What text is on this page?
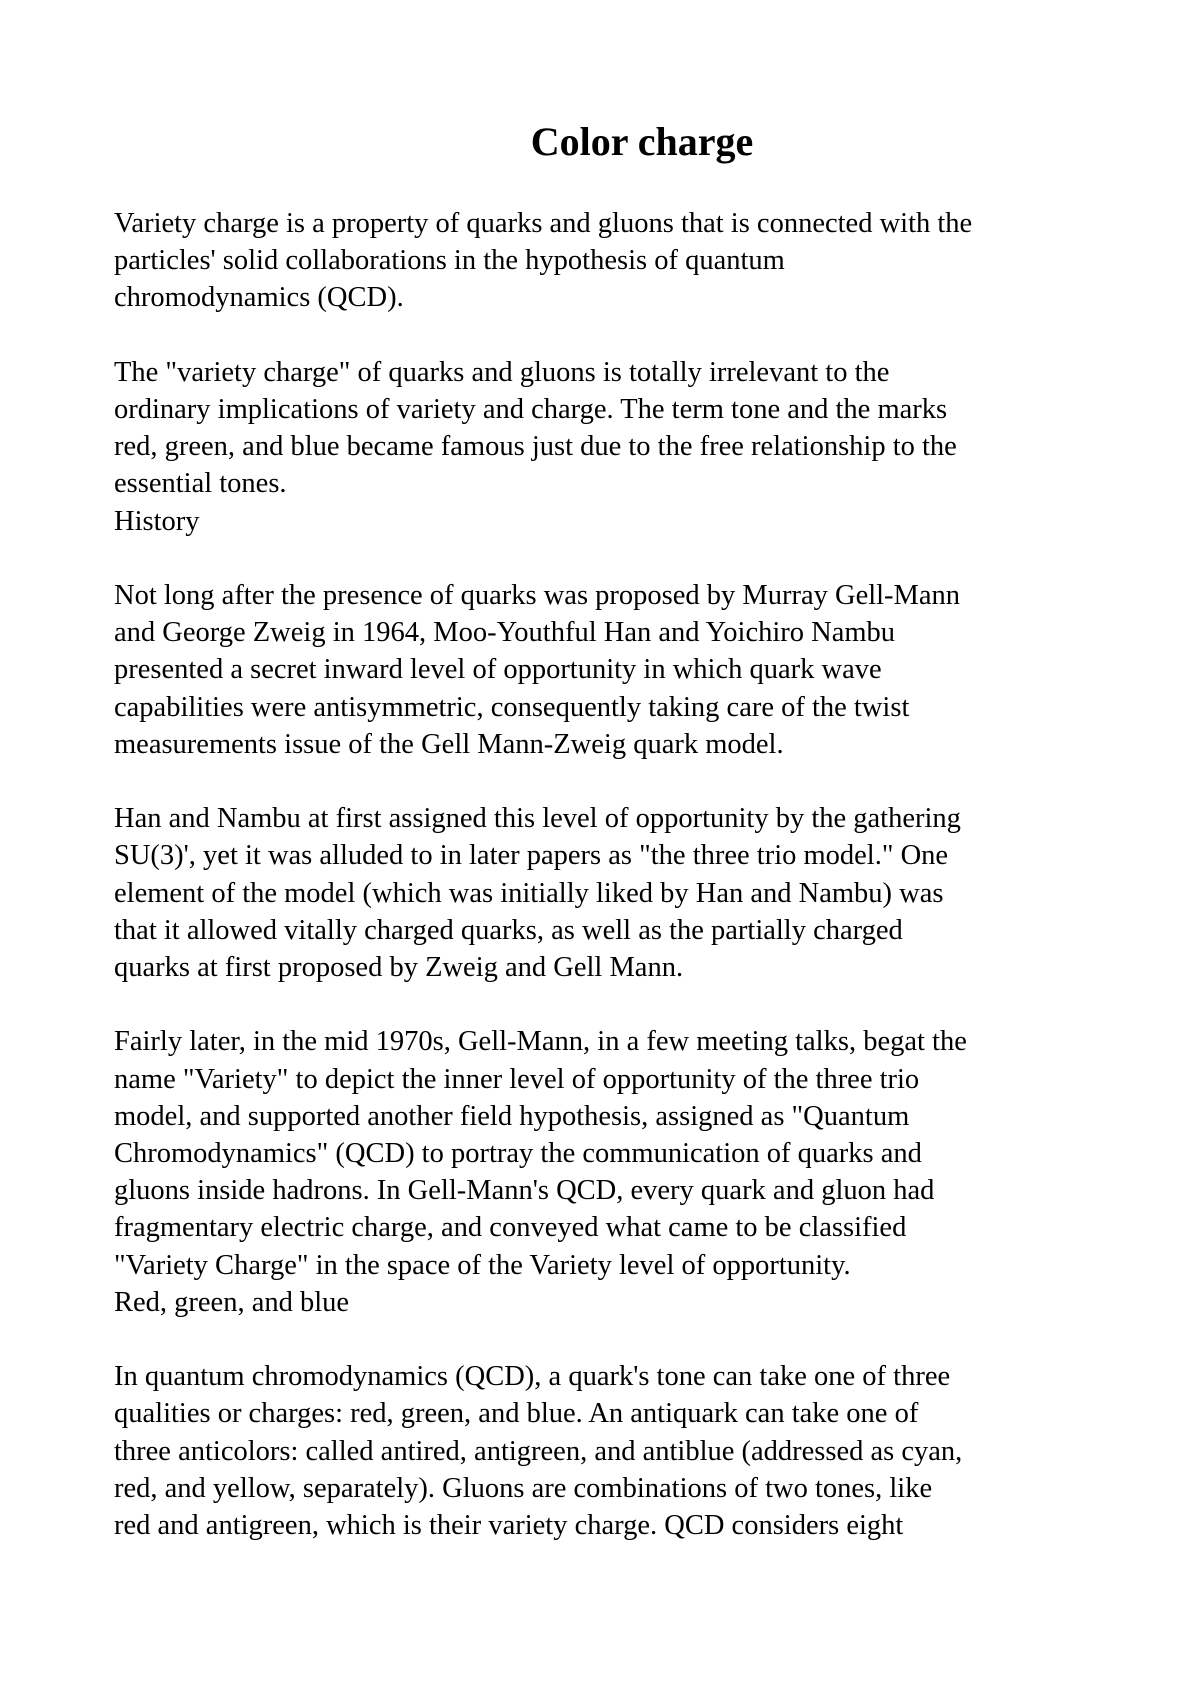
Color charge

Variety charge is a property of quarks and gluons that is connected with the
particles' solid collaborations in the hypothesis of quantum
chromodynamics (QCD).

The "variety charge" of quarks and gluons is totally irrelevant to the
ordinary implications of variety and charge. The term tone and the marks
red, green, and blue became famous just due to the free relationship to the
essential tones.

History

Not long after the presence of quarks was proposed by Murray Gell-Mann
and George Zweig in 1964, Moo-Youthful Han and Yoichiro Nambu
presented a secret inward level of opportunity in which quark wave
capabilities were antisymmetric, consequently taking care of the twist
measurements issue of the Gell Mann-Zweig quark model.

Han and Nambu at first assigned this level of opportunity by the gathering
SU(3)', yet it was alluded to in later papers as "the three trio model." One
element of the model (which was initially liked by Han and Nambu) was
that it allowed vitally charged quarks, as well as the partially charged
quarks at first proposed by Zweig and Gell Mann.

Fairly later, in the mid 1970s, Gell-Mann, in a few meeting talks, begat the
name "Variety" to depict the inner level of opportunity of the three trio
model, and supported another field hypothesis, assigned as "Quantum
Chromodynamics" (QCD) to portray the communication of quarks and
gluons inside hadrons. In Gell-Mann's QCD, every quark and gluon had
fragmentary electric charge, and conveyed what came to be classified
"Variety Charge" in the space of the Variety level of opportunity.

Red, green, and blue

In quantum chromodynamics (QCD), a quark's tone can take one of three
qualities or charges: red, green, and blue. An antiquark can take one of
three anticolors: called antired, antigreen, and antiblue (addressed as cyan,
red, and yellow, separately). Gluons are combinations of two tones, like
red and antigreen, which is their variety charge. QCD considers eight
